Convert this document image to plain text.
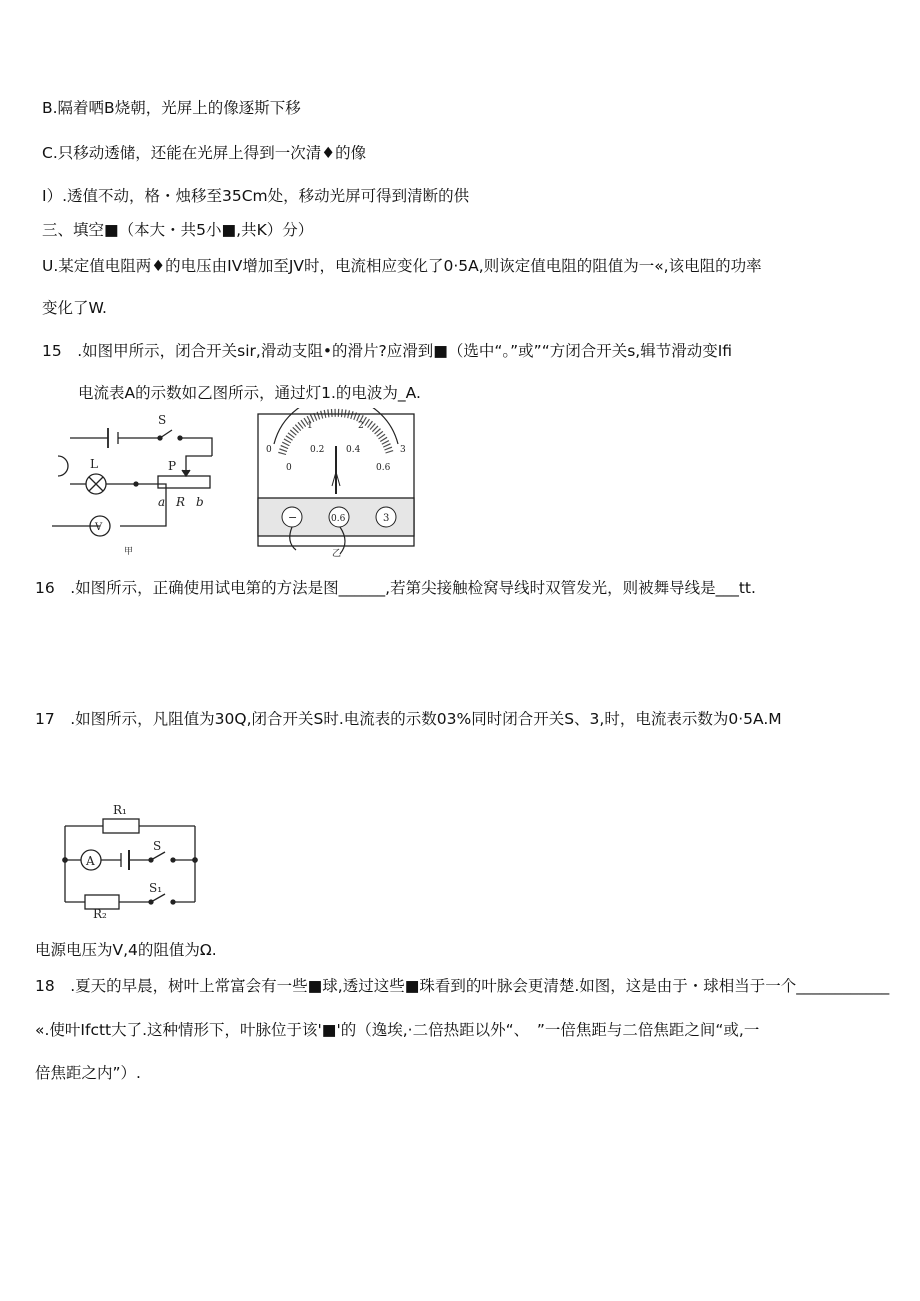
B.隔着哂B烧朝，光屏上的像逐斯下移
C.只移动透储，还能在光屏上得到一次清♦的像
I）.透值不动，格・烛移至35Cm处，移动光屏可得到清断的供
三、填空■（本大・共5小■,共K）分）
U.某定值电阻两♦的电压由IV增加至JV时，电流相应变化了0·5A,则诙定值电阻的阻值为一«,该电阻的功率
变化了W.
15　.如图甲所示，闭合开关sir,滑动支阻•的滑片?应滑到■（选中“。”或”“方闭合开关s,辑节滑动变Ifi
电流表A的示数如乙图所示，通过灯1.的电波为_A.
S
L	P
a R b
V
甲
0
1	2
3
0
0.2 0.4
0.6
−	0.6	3
乙
16　.如图所示，正确使用试电第的方法是图______,若第尖接触检窝导线时双管发光，则被舞导线是___tt.
17　.如图所示，凡阻值为30Q,闭合开关S时.电流表的示数03%同时闭合开关S、3,时，电流表示数为0·5A.M
R₁
A
S
S₁
R₂
电源电压为V,4的阻值为Ω.
18　.夏天的早晨，树叶上常富会有一些■球,透过这些■珠看到的叶脉会更清楚.如图，这是由于・球相当于一个____________
«.使叶Ifctt大了.这种情形下，叶脉位于该'■'的（逸埃,·二倍热距以外“、　”一倍焦距与二倍焦距之间“或,一
倍焦距之内”）.
